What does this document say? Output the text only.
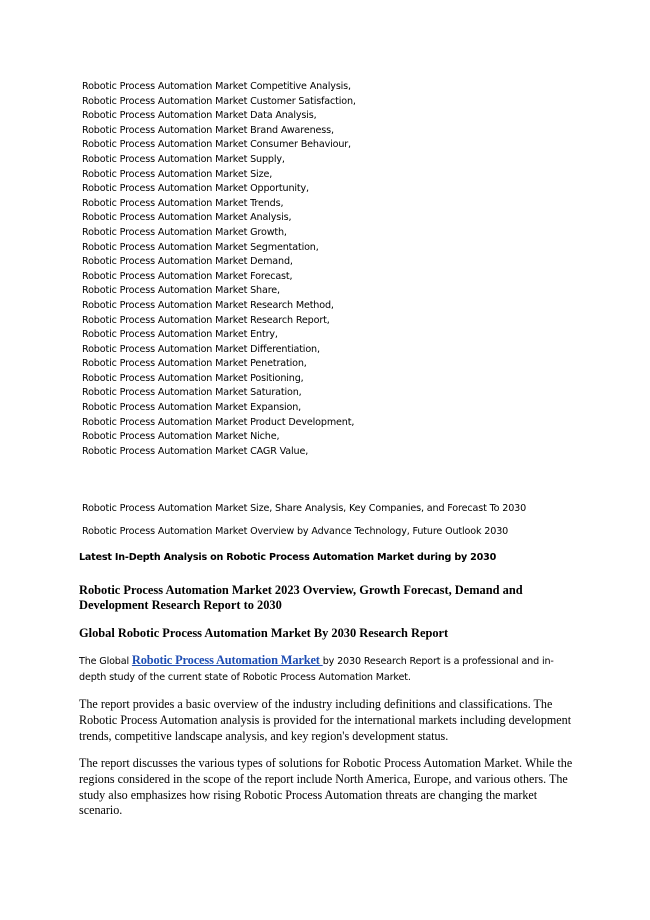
Robotic Process Automation Market Competitive Analysis,
Robotic Process Automation Market Customer Satisfaction,
Robotic Process Automation Market Data Analysis,
Robotic Process Automation Market Brand Awareness,
Robotic Process Automation Market Consumer Behaviour,
Robotic Process Automation Market Supply,
Robotic Process Automation Market Size,
Robotic Process Automation Market Opportunity,
Robotic Process Automation Market Trends,
Robotic Process Automation Market Analysis,
Robotic Process Automation Market Growth,
Robotic Process Automation Market Segmentation,
Robotic Process Automation Market Demand,
Robotic Process Automation Market Forecast,
Robotic Process Automation Market Share,
Robotic Process Automation Market Research Method,
Robotic Process Automation Market Research Report,
Robotic Process Automation Market Entry,
Robotic Process Automation Market Differentiation,
Robotic Process Automation Market Penetration,
Robotic Process Automation Market Positioning,
Robotic Process Automation Market Saturation,
Robotic Process Automation Market Expansion,
Robotic Process Automation Market Product Development,
Robotic Process Automation Market Niche,
Robotic Process Automation Market CAGR Value,
Robotic Process Automation Market Size, Share Analysis, Key Companies, and Forecast To 2030
Robotic Process Automation Market Overview by Advance Technology, Future Outlook 2030
Latest In-Depth Analysis on Robotic Process Automation Market during by 2030
Robotic Process Automation Market 2023 Overview, Growth Forecast, Demand and Development Research Report to 2030
Global Robotic Process Automation Market By 2030 Research Report

The Global Robotic Process Automation Market by 2030 Research Report is a professional and in-depth study of the current state of Robotic Process Automation Market.

The report provides a basic overview of the industry including definitions and classifications. The Robotic Process Automation analysis is provided for the international markets including development trends, competitive landscape analysis, and key region's development status.

The report discusses the various types of solutions for Robotic Process Automation Market. While the regions considered in the scope of the report include North America, Europe, and various others. The study also emphasizes how rising Robotic Process Automation threats are changing the market scenario.
